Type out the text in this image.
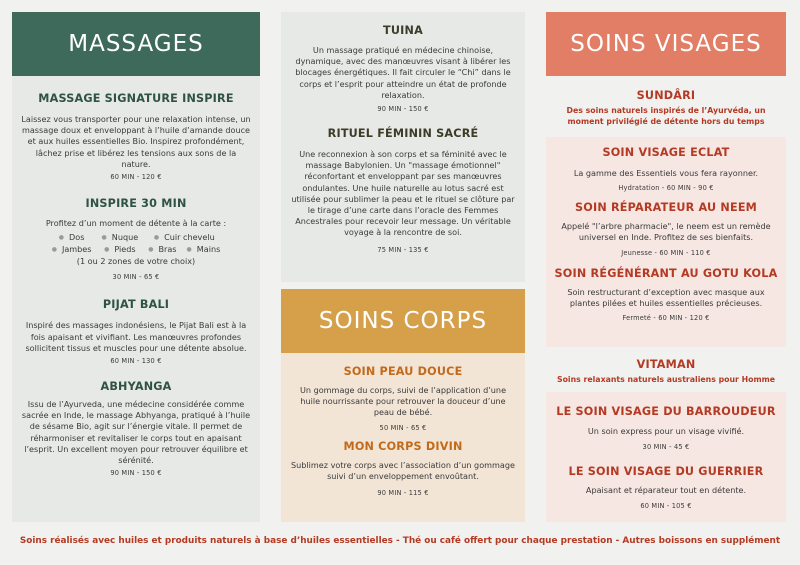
MASSAGES
MASSAGE SIGNATURE INSPIRE

Laissez vous transporter pour une relaxation intense, un massage doux et enveloppant à l’huile d’amande douce et aux huiles essentielles Bio. Inspirez profondément, lâchez prise et libérez les tensions aux sons de la nature.

60 MIN - 120 €
INSPIRE 30 MIN

Profitez d’un moment de détente à la carte :

● Dos	● Nuque	● Cuir chevelu
● Jambes	● Pieds	● Bras	● Mains

(1 ou 2 zones de votre choix)

30 MIN - 65 €
PIJAT BALI

Inspiré des massages indonésiens, le Pijat Bali est à la fois apaisant et vivifiant. Les manœuvres profondes sollicitent tissus et muscles pour une détente absolue.

60 MIN - 130 €
ABHYANGA

Issu de l’Ayurveda, une médecine considérée comme sacrée en Inde, le massage Abhyanga, pratiqué à l’huile de sésame Bio, agit sur l’énergie vitale. Il permet de réharmoniser et revitaliser le corps tout en apaisant l’esprit. Un excellent moyen pour retrouver équilibre et sérénité.

90 MIN - 150 €
TUINA

Un massage pratiqué en médecine chinoise, dynamique, avec des manœuvres visant à libérer les blocages énergétiques. Il fait circuler le “Chi” dans le corps et l’esprit pour atteindre un état de profonde relaxation.

90 MIN - 150 €
RITUEL FÉMININ SACRÉ

Une reconnexion à son corps et sa féminité avec le massage Babylonien. Un "massage émotionnel" réconfortant et enveloppant par ses manœuvres ondulantes. Une huile naturelle au lotus sacré est utilisée pour sublimer la peau et le rituel se clôture par le tirage d’une carte dans l’oracle des Femmes Ancestrales pour recevoir leur message. Un véritable voyage à la rencontre de soi.

75 MIN - 135 €
SOINS CORPS
SOIN PEAU DOUCE

Un gommage du corps, suivi de l’application d’une huile nourrissante pour retrouver la douceur d’une peau de bébé.

50 MIN - 65 €
MON CORPS DIVIN

Sublimez votre corps avec l’association d’un gommage suivi d’un enveloppement envoûtant.

90 MIN - 115 €
SOINS VISAGES
SUNDÂRI

Des soins naturels inspirés de l’Ayurvéda, un moment privilégié de détente hors du temps

SOIN VISAGE ECLAT

La gamme des Essentiels vous fera rayonner.

Hydratation - 60 MIN - 90 €
SOIN RÉPARATEUR AU NEEM

Appelé "l’arbre pharmacie", le neem est un remède universel en Inde. Profitez de ses bienfaits.

Jeunesse - 60 MIN - 110 €
SOIN RÉGÉNÉRANT AU GOTU KOLA

Soin restructurant d’exception avec masque aux plantes pilées et huiles essentielles précieuses.

Fermeté - 60 MIN - 120 €
VITAMAN

Soins relaxants naturels australiens pour Homme

LE SOIN VISAGE DU BARROUDEUR

Un soin express pour un visage vivifié.

30 MIN - 45 €
LE SOIN VISAGE DU GUERRIER

Apaisant et réparateur tout en détente.

60 MIN - 105 €
Soins réalisés avec huiles et produits naturels à base d’huiles essentielles - Thé ou café offert pour chaque prestation - Autres boissons en supplément
